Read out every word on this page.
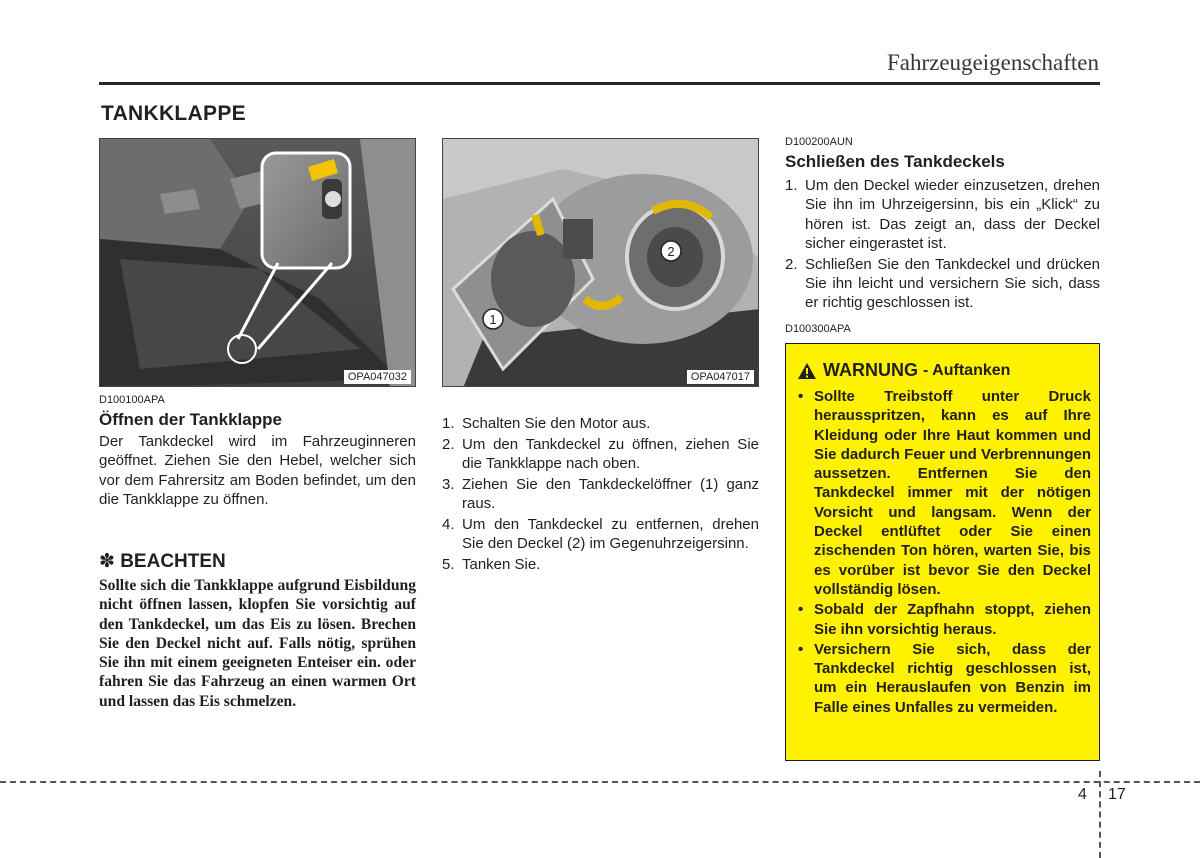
Fahrzeugeigenschaften
TANKKLAPPE
OPA047032
1
2
OPA047017
D100100APA
Öffnen der Tankklappe
Der Tankdeckel wird im Fahrzeuginneren geöffnet. Ziehen Sie den Hebel, welcher sich vor dem Fahrersitz am Boden befindet, um den die Tankklappe zu öffnen.
✽ BEACHTEN
Sollte sich die Tankklappe aufgrund Eisbildung nicht öffnen lassen, klopfen Sie vorsichtig auf den Tankdeckel, um das Eis zu lösen. Brechen Sie den Deckel nicht auf. Falls nötig, sprühen Sie ihn mit einem geeigneten Enteiser ein. oder fahren Sie das Fahrzeug an einen warmen Ort und lassen das Eis schmelzen.
1. Schalten Sie den Motor aus.
2. Um den Tankdeckel zu öffnen, ziehen Sie die Tankklappe nach oben.
3. Ziehen Sie den Tankdeckelöffner (1) ganz raus.
4. Um den Tankdeckel zu entfernen, drehen Sie den Deckel (2) im Gegenuhrzeigersinn.
5. Tanken Sie.
D100200AUN
Schließen des Tankdeckels
1. Um den Deckel wieder einzusetzen, drehen Sie ihn im Uhrzeigersinn, bis ein „Klick“ zu hören ist. Das zeigt an, dass der Deckel sicher eingerastet ist.
2. Schließen Sie den Tankdeckel und drücken Sie ihn leicht und versichern Sie sich, dass er richtig geschlossen ist.
D100300APA
WARNUNG - Auftanken
• Sollte Treibstoff unter Druck herausspritzen, kann es auf Ihre Kleidung oder Ihre Haut kommen und Sie dadurch Feuer und Verbrennungen aussetzen. Entfernen Sie den Tankdeckel immer mit der nötigen Vorsicht und langsam. Wenn der Deckel entlüftet oder Sie einen zischenden Ton hören, warten Sie, bis es vorüber ist bevor Sie den Deckel vollständig lösen.
• Sobald der Zapfhahn stoppt, ziehen Sie ihn vorsichtig heraus.
• Versichern Sie sich, dass der Tankdeckel richtig geschlossen ist, um ein Herauslaufen von Benzin im Falle eines Unfalles zu vermeiden.
4 17
